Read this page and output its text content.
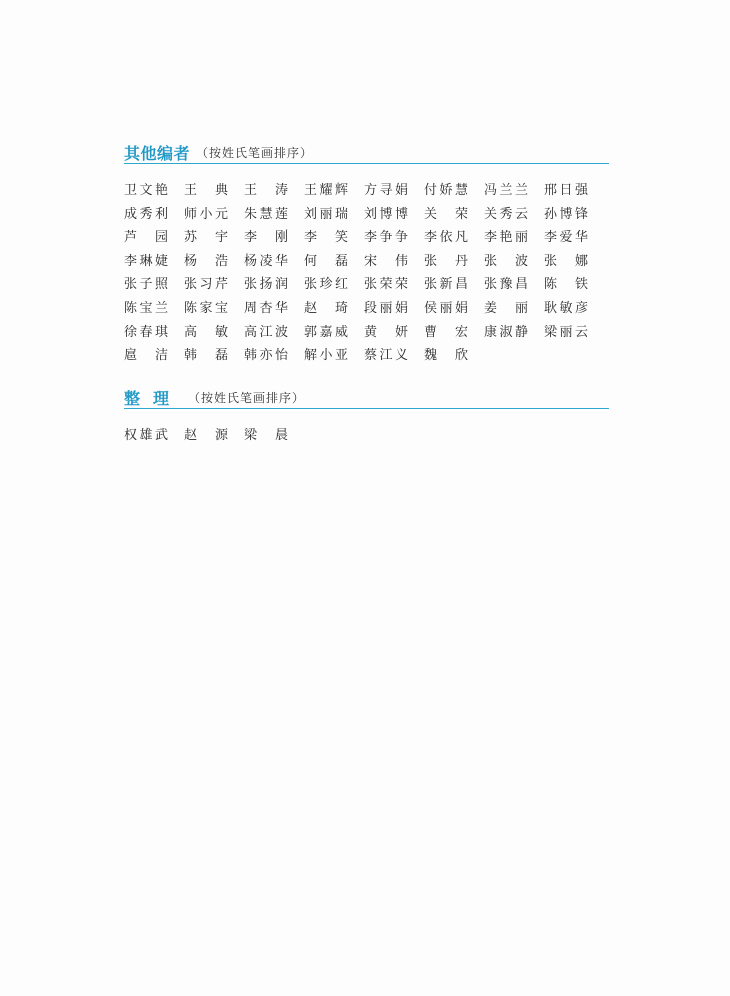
其他编者 $^{(按姓氏笔画排序)}$
卫 文 艳 王 典 王 涛 王 耀 辉 方 寻 娟 付 娇 慧 冯 兰 兰 邢 日 强
成 秀 利 师 小 元 朱 慧 莲 刘 丽 瑞 刘 博 博 关 荣 关 秀 云 孙 博 锋
芦 园 苏 宇 李 刚 李 笑 李 争 争 李 依 凡 李 艳 丽 李 爱 华
李 琳 婕 杨 浩 杨 凌 华 何 磊 宋 伟 张 丹 张 波 张 娜
张 子 照 张 习 芹 张 扬 润 张 珍 红 张 荣 荣 张 新 昌 张 豫 昌 陈 铁
陈 宝 兰 陈 家 宝 周 杏 华 赵 琦 段 丽 娟 侯 丽 娟 姜 丽 耿 敏 彦
徐 春 琪 高 敏 高 江 波 郭 嘉 威 黄 妍 曹 宏 康 淑 静 梁 丽 云
扈 洁 韩 磊 韩 亦 怡 解 小 亚 蔡 江 义 魏 欣
整理 $^{(按姓氏笔画排序)}$
权 雄 武 赵 源 梁 晨
